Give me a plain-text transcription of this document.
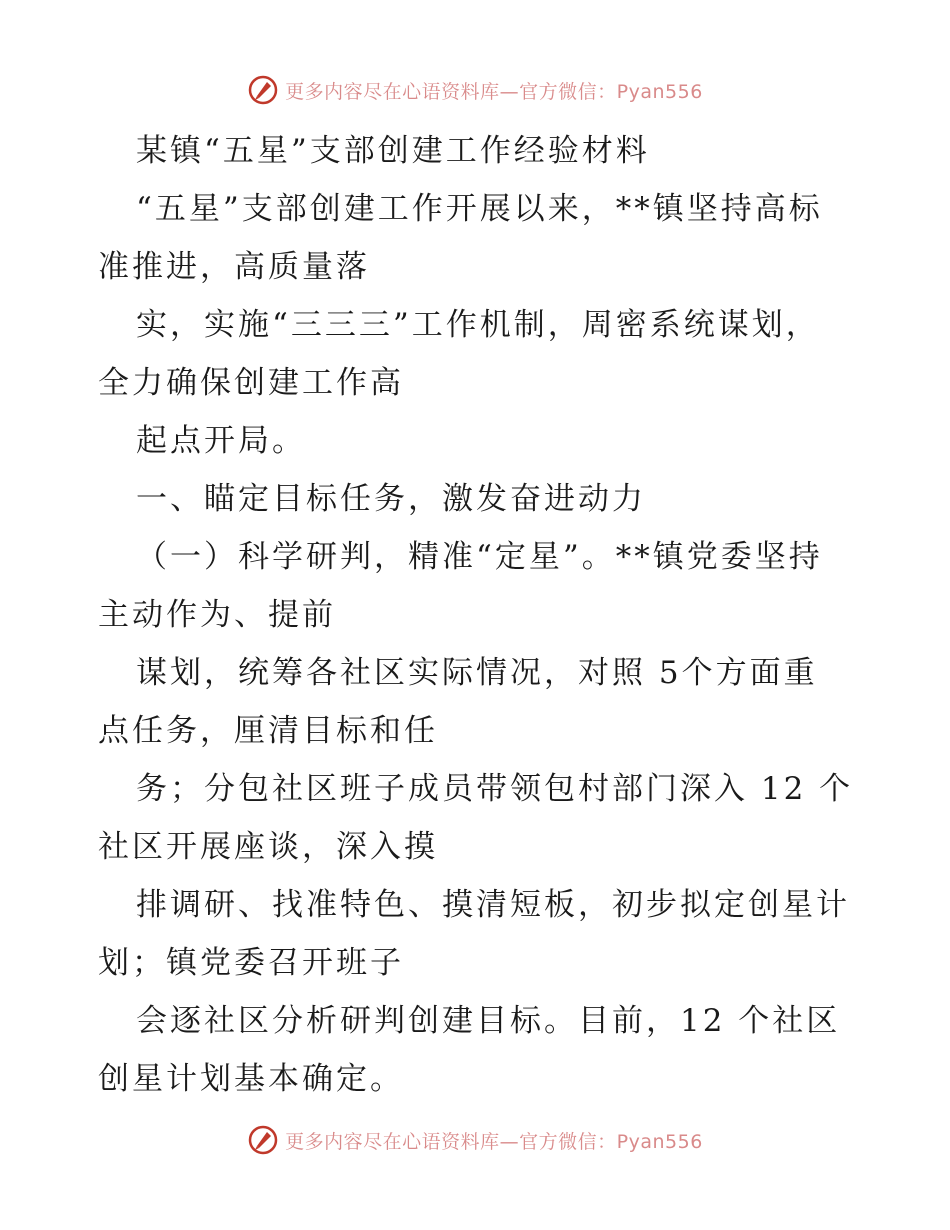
更多内容尽在心语资料库—官方微信：Pyan556
某镇“五星”支部创建工作经验材料
“五星”支部创建工作开展以来，**镇坚持高标
准推进，高质量落
实，实施“三三三”工作机制，周密系统谋划，
全力确保创建工作高
起点开局。
一、瞄定目标任务，激发奋进动力
（一）科学研判，精准“定星”。**镇党委坚持
主动作为、提前
谋划，统筹各社区实际情况，对照 5个方面重
点任务，厘清目标和任
务；分包社区班子成员带领包村部门深入 12 个
社区开展座谈，深入摸
排调研、找准特色、摸清短板，初步拟定创星计
划；镇党委召开班子
会逐社区分析研判创建目标。目前，12 个社区
创星计划基本确定。
更多内容尽在心语资料库—官方微信：Pyan556
